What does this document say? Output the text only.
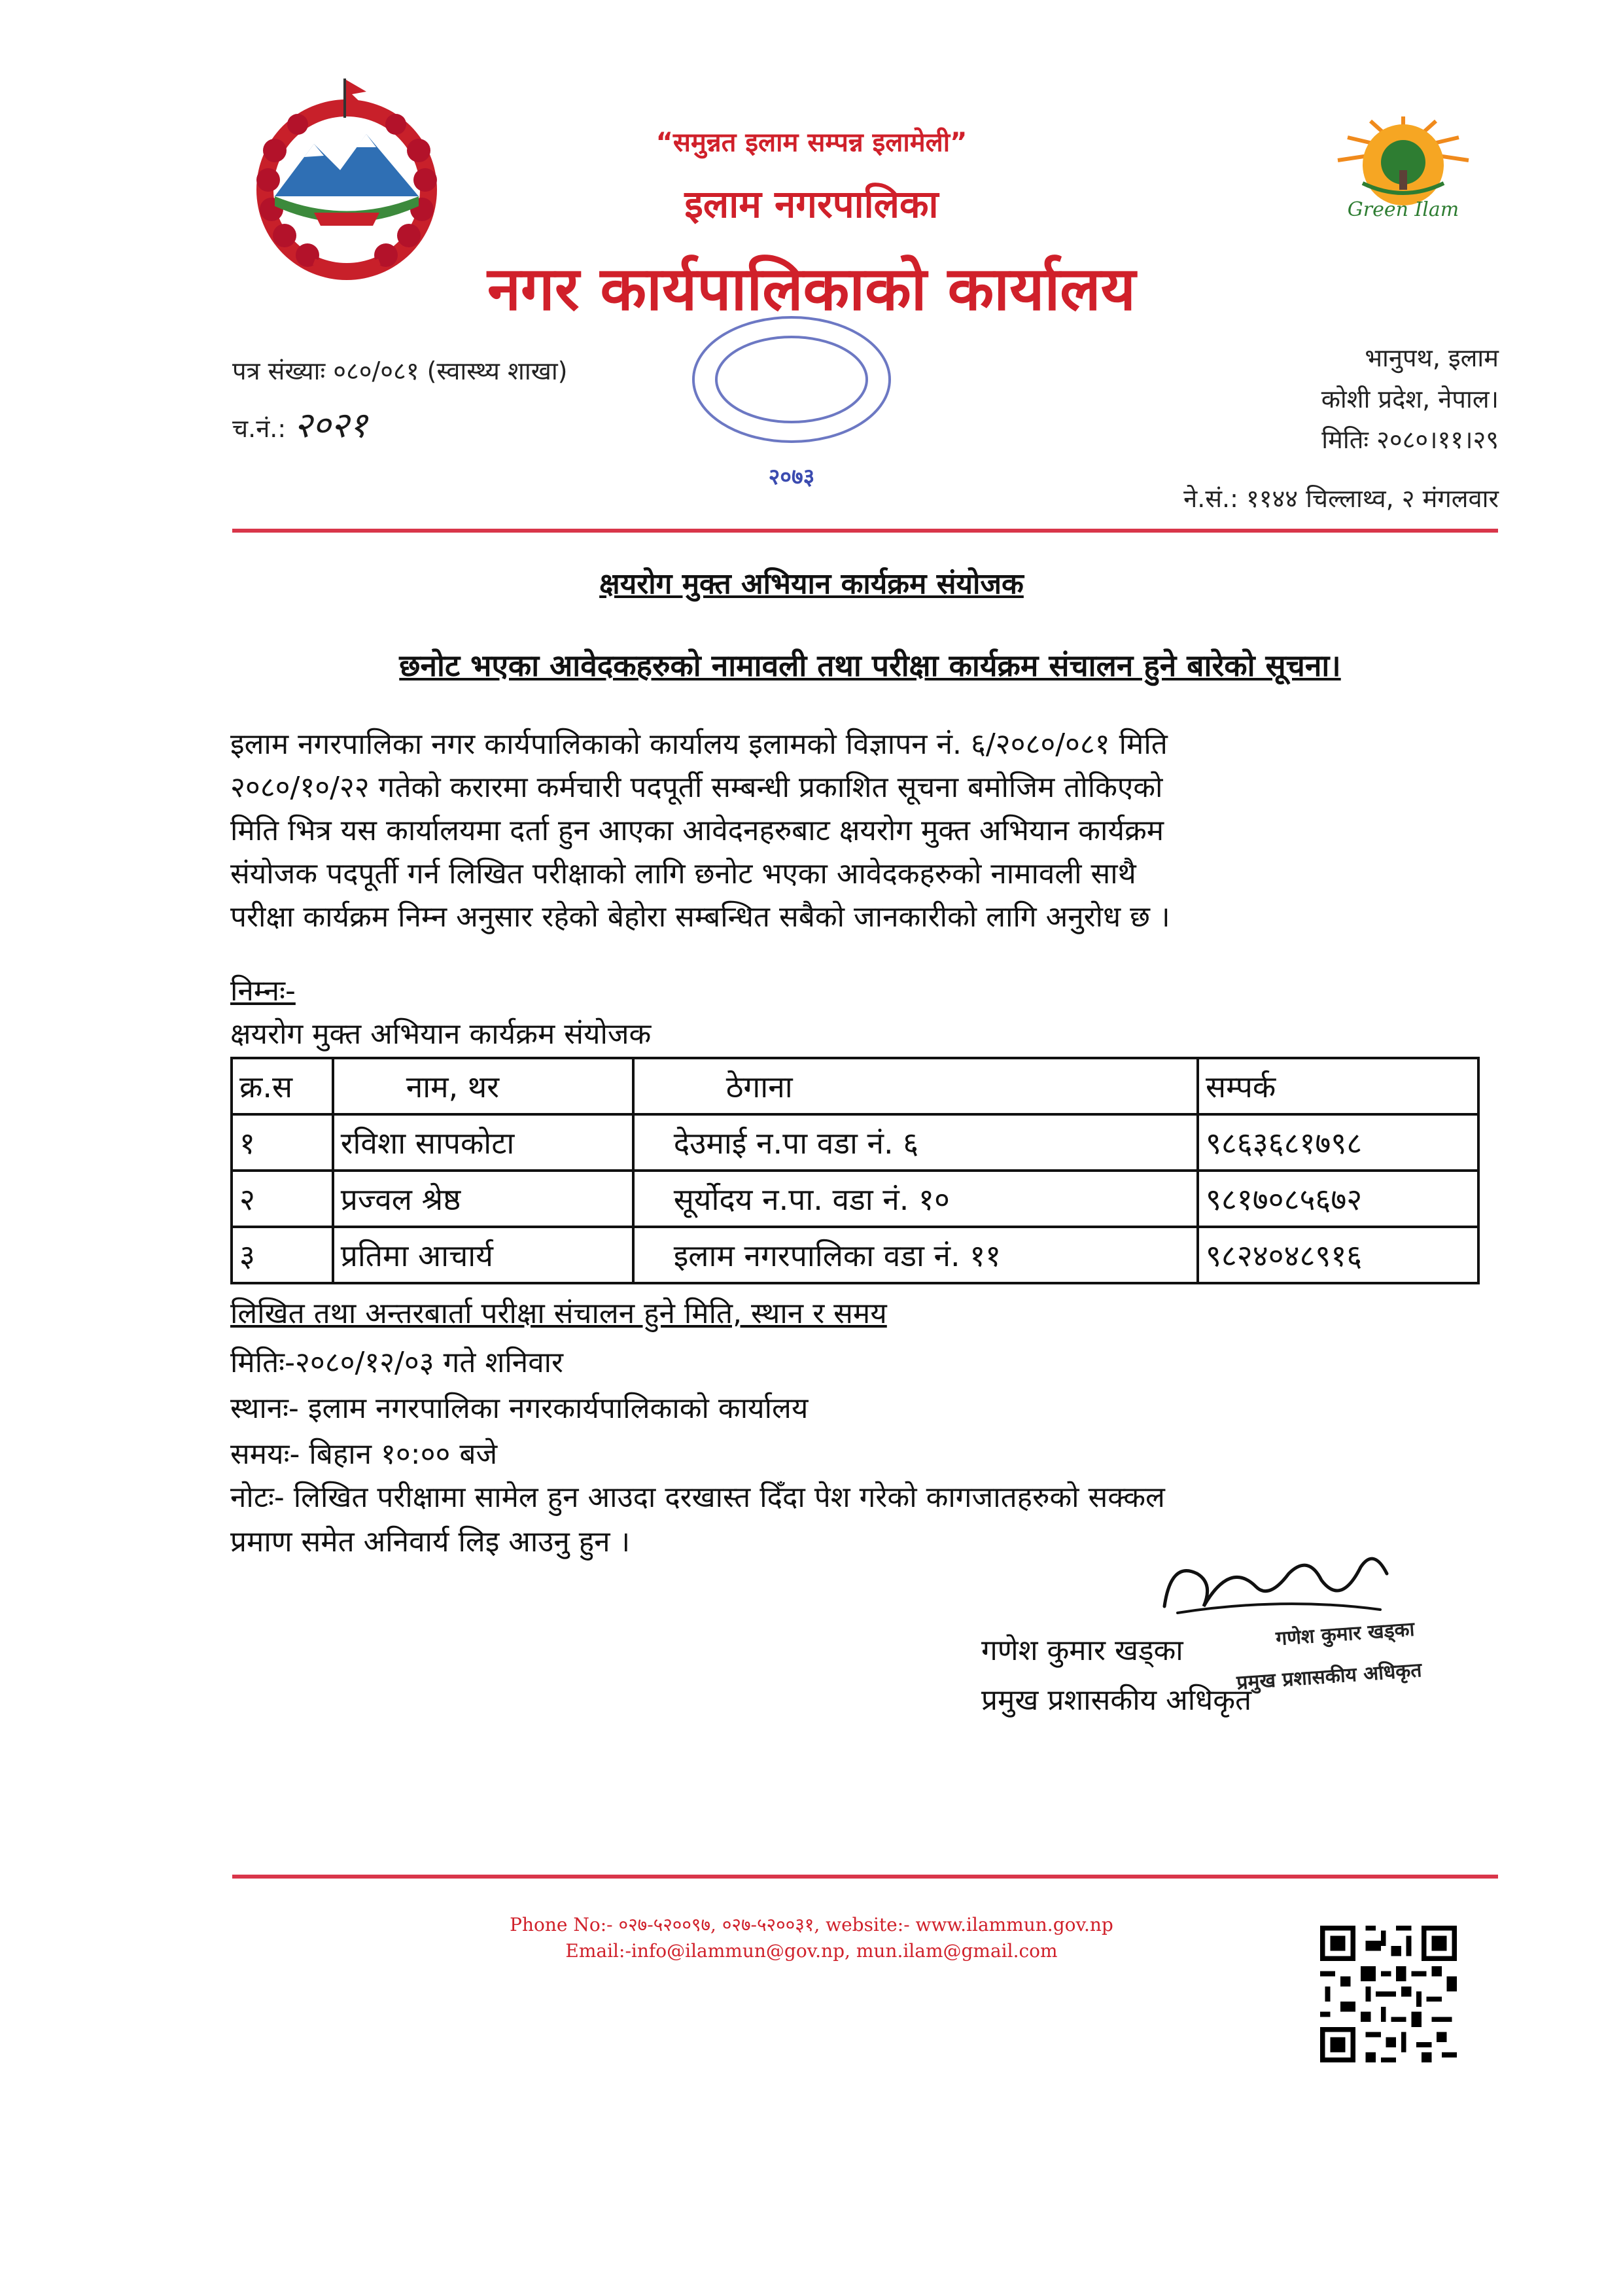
Green Ilam
“समुन्नत इलाम सम्पन्न इलामेली”
इलाम नगरपालिका
नगर कार्यपालिकाको कार्यालय
पत्र संख्याः ०८०/०८१ (स्वास्थ्य शाखा)
च.नं.: २०२१
२०७३
भानुपथ, इलाम
कोशी प्रदेश, नेपाल।
मितिः २०८०।११।२९
ने.सं.: ११४४ चिल्लाथ्व, २ मंगलवार
क्षयरोग मुक्त अभियान कार्यक्रम संयोजक
छनोट भएका आवेदकहरुको नामावली तथा परीक्षा कार्यक्रम संचालन हुने बारेको सूचना।
इलाम नगरपालिका नगर कार्यपालिकाको कार्यालय इलामको विज्ञापन नं. ६/२०८०/०८१ मिति
२०८०/१०/२२ गतेको करारमा कर्मचारी पदपूर्ती सम्बन्धी प्रकाशित सूचना बमोजिम तोकिएको
मिति भित्र यस कार्यालयमा दर्ता हुन आएका आवेदनहरुबाट क्षयरोग मुक्त अभियान कार्यक्रम
संयोजक पदपूर्ती गर्न लिखित परीक्षाको लागि छनोट भएका आवेदकहरुको नामावली साथै
परीक्षा कार्यक्रम निम्न अनुसार रहेको बेहोरा सम्बन्धित सबैको जानकारीको लागि अनुरोध छ ।
निम्नः-
क्षयरोग मुक्त अभियान कार्यक्रम संयोजक
क्र.स	नाम, थर	ठेगाना	सम्पर्क
१	रविशा सापकोटा	देउमाई न.पा वडा नं. ६	९८६३६८१७९८
२	प्रज्वल श्रेष्ठ	सूर्योदय न.पा. वडा नं. १०	९८१७०८५६७२
३	प्रतिमा आचार्य	इलाम नगरपालिका वडा नं. ११	९८२४०४८९१६
लिखित तथा अन्तरबार्ता परीक्षा संचालन हुने मिति, स्थान र समय
मितिः-२०८०/१२/०३ गते शनिवार
स्थानः- इलाम नगरपालिका नगरकार्यपालिकाको कार्यालय
समयः- बिहान १०:०० बजे
नोटः- लिखित परीक्षामा सामेल हुन आउदा दरखास्त दिँदा पेश गरेको कागजातहरुको सक्कल
प्रमाण समेत अनिवार्य लिइ आउनु हुन ।
गणेश कुमार खड्का
प्रमुख प्रशासकीय अधिकृत
गणेश कुमार खड्का
प्रमुख प्रशासकीय अधिकृत
Phone No:- ०२७-५२००९७, ०२७-५२००३१, website:- www.ilammun.gov.np
Email:-info@ilammun@gov.np, mun.ilam@gmail.com
